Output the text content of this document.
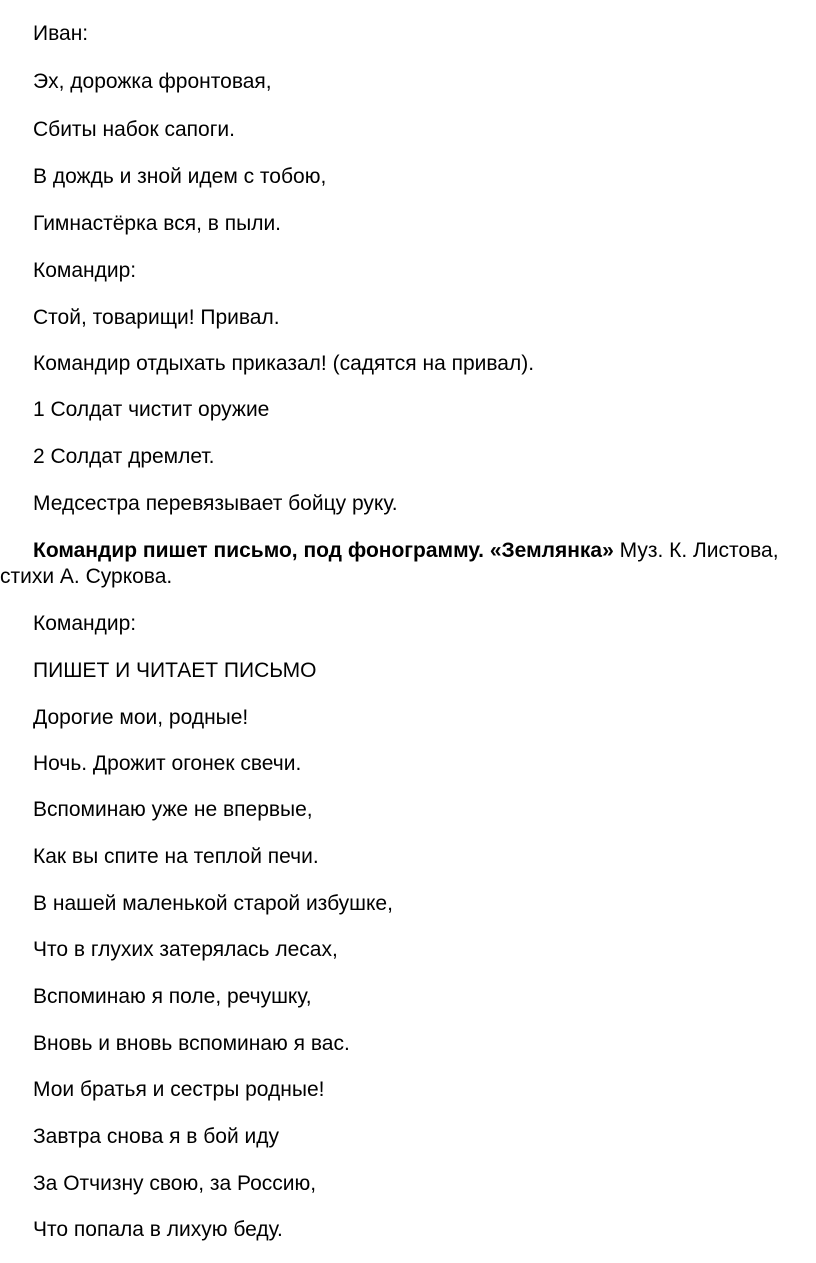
Иван:

Эх, дорожка фронтовая,

Сбиты набок сапоги.

В дождь и зной идем с тобою,

Гимнастёрка вся, в пыли.

Командир:

Стой, товарищи! Привал.

Командир отдыхать приказал! (садятся на привал).

1 Солдат чистит оружие

2 Солдат дремлет.

Медсестра перевязывает бойцу руку.

Командир пишет письмо, под фонограмму. «Землянка» Муз. К. Листова, стихи А. Суркова.

Командир:

ПИШЕТ И ЧИТАЕТ ПИСЬМО

Дорогие мои, родные!

Ночь. Дрожит огонек свечи.

Вспоминаю уже не впервые,

Как вы спите на теплой печи.

В нашей маленькой старой избушке,

Что в глухих затерялась лесах,

Вспоминаю я поле, речушку,

Вновь и вновь вспоминаю я вас.

Мои братья и сестры родные!

Завтра снова я в бой иду

За Отчизну свою, за Россию,

Что попала в лихую беду.
